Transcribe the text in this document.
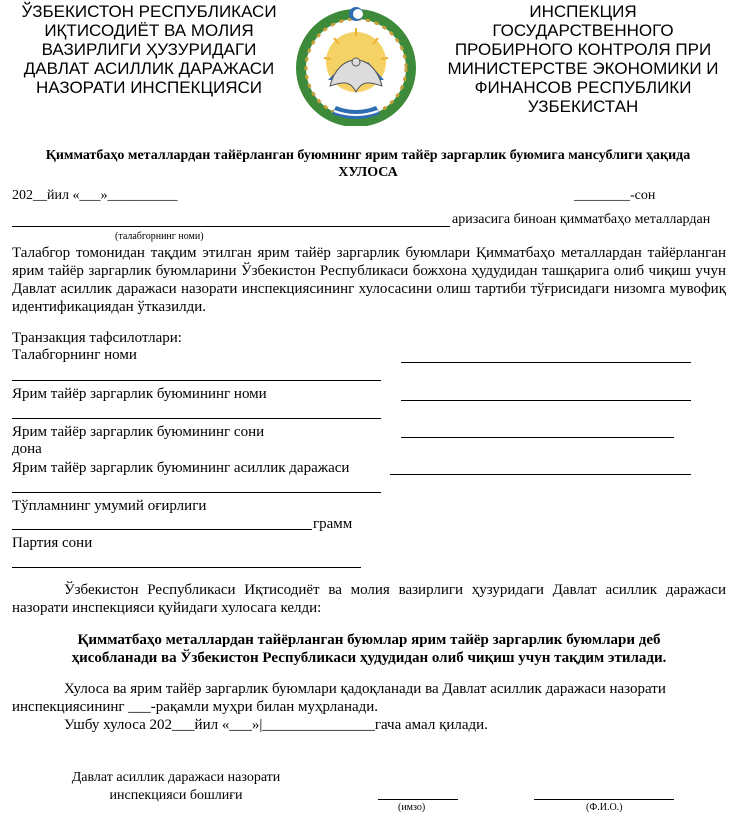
ЎЗБЕКИСТОН РЕСПУБЛИКАСИ ИҚТИСОДИЁТ ВА МОЛИЯ ВАЗИРЛИГИ ҲУЗУРИДАГИ ДАВЛАТ АСИЛЛИК ДАРАЖАСИ НАЗОРАТИ ИНСПЕКЦИЯСИ
ИНСПЕКЦИЯ ГОСУДАРСТВЕННОГО ПРОБИРНОГО КОНТРОЛЯ ПРИ МИНИСТЕРСТВЕ ЭКОНОМИКИ И ФИНАНСОВ РЕСПУБЛИКИ УЗБЕКИСТАН
Қимматбаҳо металлардан тайёрланган буюмнинг ярим тайёр заргарлик буюмига мансублиги ҳақида
ХУЛОСА
202__йил «___»__________	________-сон
аризасига биноан қимматбаҳо металлардан
(талабгорнинг номи)
Талабгор томонидан тақдим этилган ярим тайёр заргарлик буюмлари Қимматбаҳо металлардан тайёрланган ярим тайёр заргарлик буюмларини Ўзбекистон Республикаси божхона ҳудудидан ташқарига олиб чиқиш учун Давлат асиллик даражаси назорати инспекциясининг хулосасини олиш тартиби тўғрисидаги низомга мувофиқ идентификациядан ўтказилди.
Транзакция тафсилотлари:
Талабгорнинг номи
Ярим тайёр заргарлик буюмининг номи
Ярим тайёр заргарлик буюмининг сони
дона
Ярим тайёр заргарлик буюмининг асиллик даражаси
Тўпламнинг умумий оғирлиги
грамм
Партия сони
Ўзбекистон Республикаси Иқтисодиёт ва молия вазирлиги ҳузуридаги Давлат асиллик даражаси назорати инспекцияси қуйидаги хулосага келди:
Қимматбаҳо металлардан тайёрланган буюмлар ярим тайёр заргарлик буюмлари деб
ҳисобланади ва Ўзбекистон Республикаси ҳудудидан олиб чиқиш учун тақдим этилади.
Хулоса ва ярим тайёр заргарлик буюмлари қадоқланади ва Давлат асиллик даражаси назорати
инспекциясининг ___-рақамли муҳри билан муҳрланади.
Ушбу хулоса 202___йил «___»|_______________гача амал қилади.
Давлат асиллик даражаси назорати
инспекцияси бошлиғи
(имзо)	(Ф.И.О.)
